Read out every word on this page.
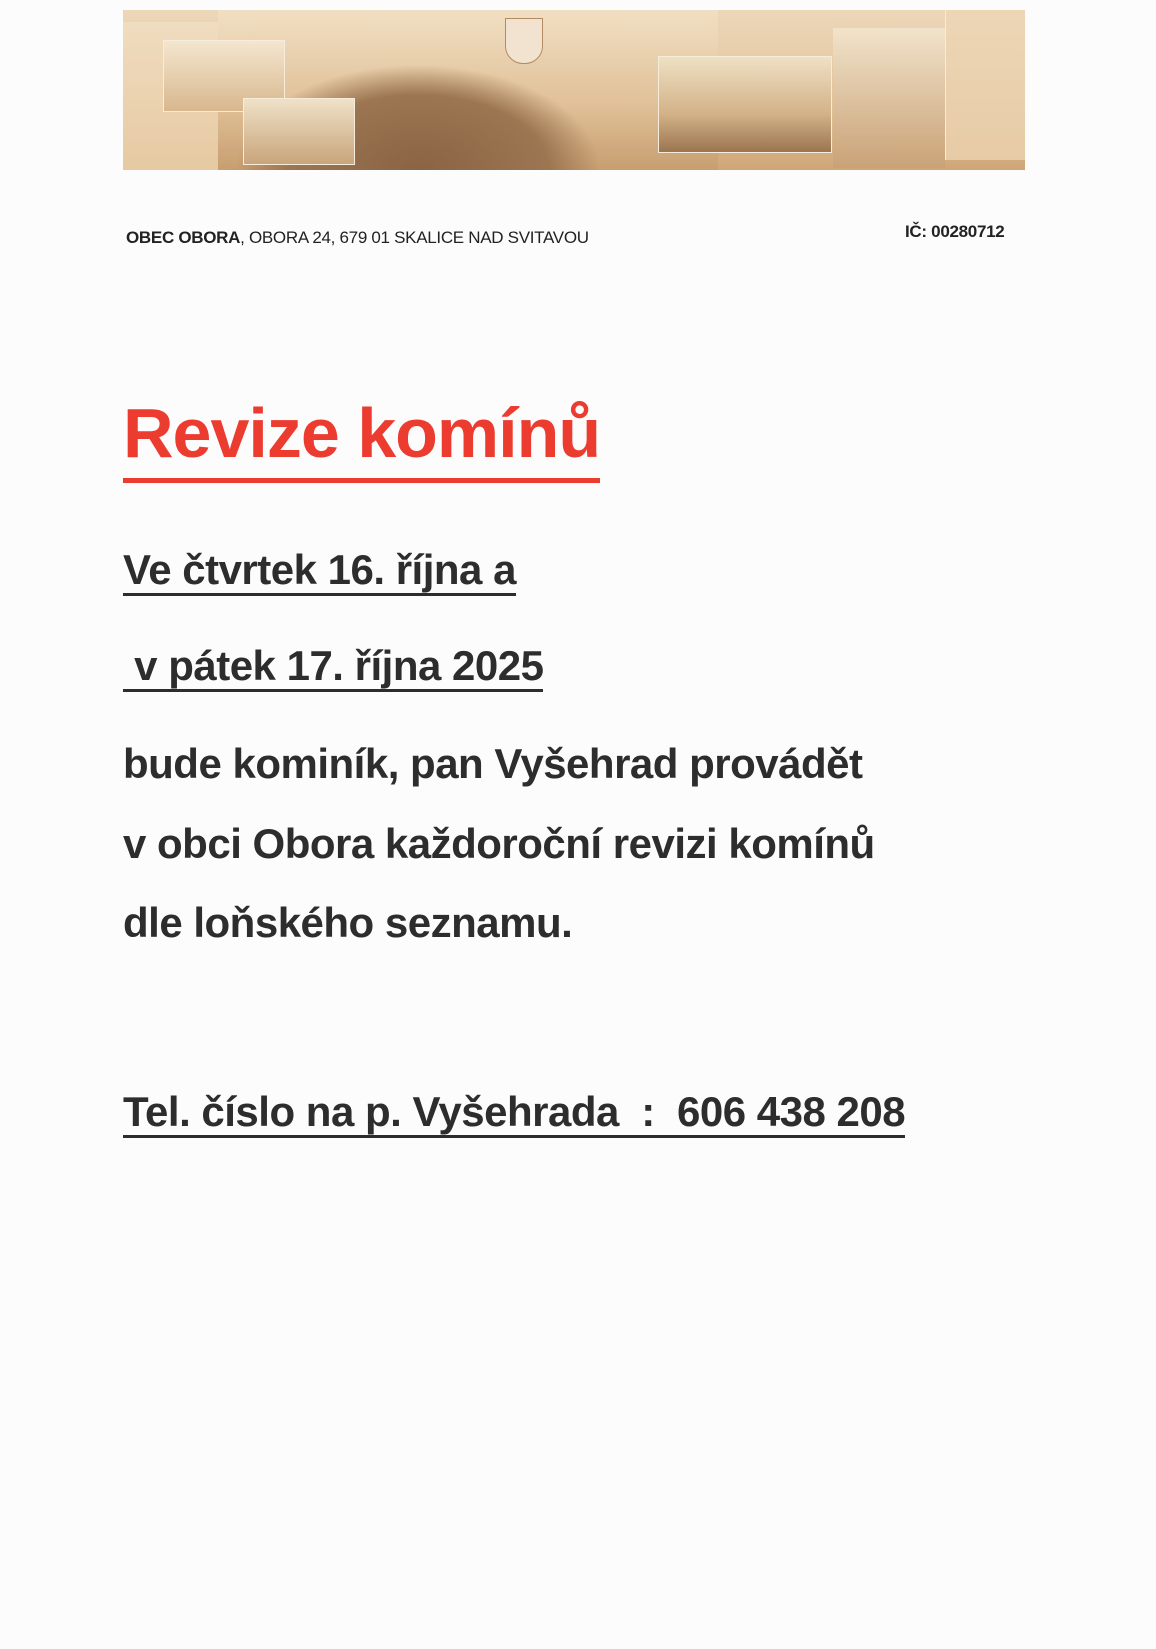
OBEC OBORA, OBORA 24, 679 01 SKALICE NAD SVITAVOU	IČ: 00280712
Revize komínů
Ve čtvrtek 16. října a
v pátek 17. října 2025
bude kominík, pan Vyšehrad provádět
v obci Obora každoroční revizi komínů
dle loňského seznamu.
Tel. číslo na p. Vyšehrada  :  606 438 208
